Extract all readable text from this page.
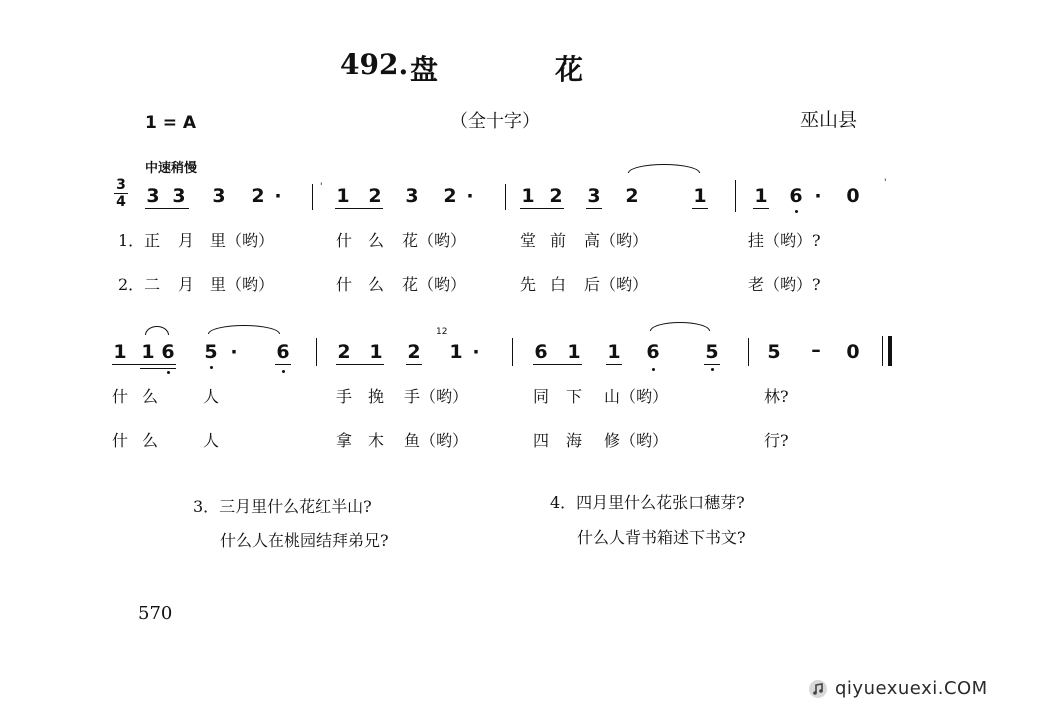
492. 盘	花
1 = A	（全十字）	巫山县
中速稍慢
3
4 3 3 3 2 ·	' 1 2 3 2 ·	1 2 3 2	1	1 6 · 0
'
1．正 月 里（哟）	什 么 花（哟）	堂 前 高（哟）	挂（哟）?
2．二 月 里（哟）	什 么 花（哟）	先 白 后（哟）	老（哟）?
1 1 6 5 · 6	2 1 2
12
1 ·	6 1 1 6 5	5 – 0
什 么	人	手 挽 手（哟）	同 下 山（哟）	林?
什 么	人	拿 木 鱼（哟）	四 海 修（哟）	行?
3．三月里什么花红半山?
什么人在桃园结拜弟兄?
4．四月里什么花张口穗芽?
什么人背书箱述下书文?
570
qiyuexuexi.COM
